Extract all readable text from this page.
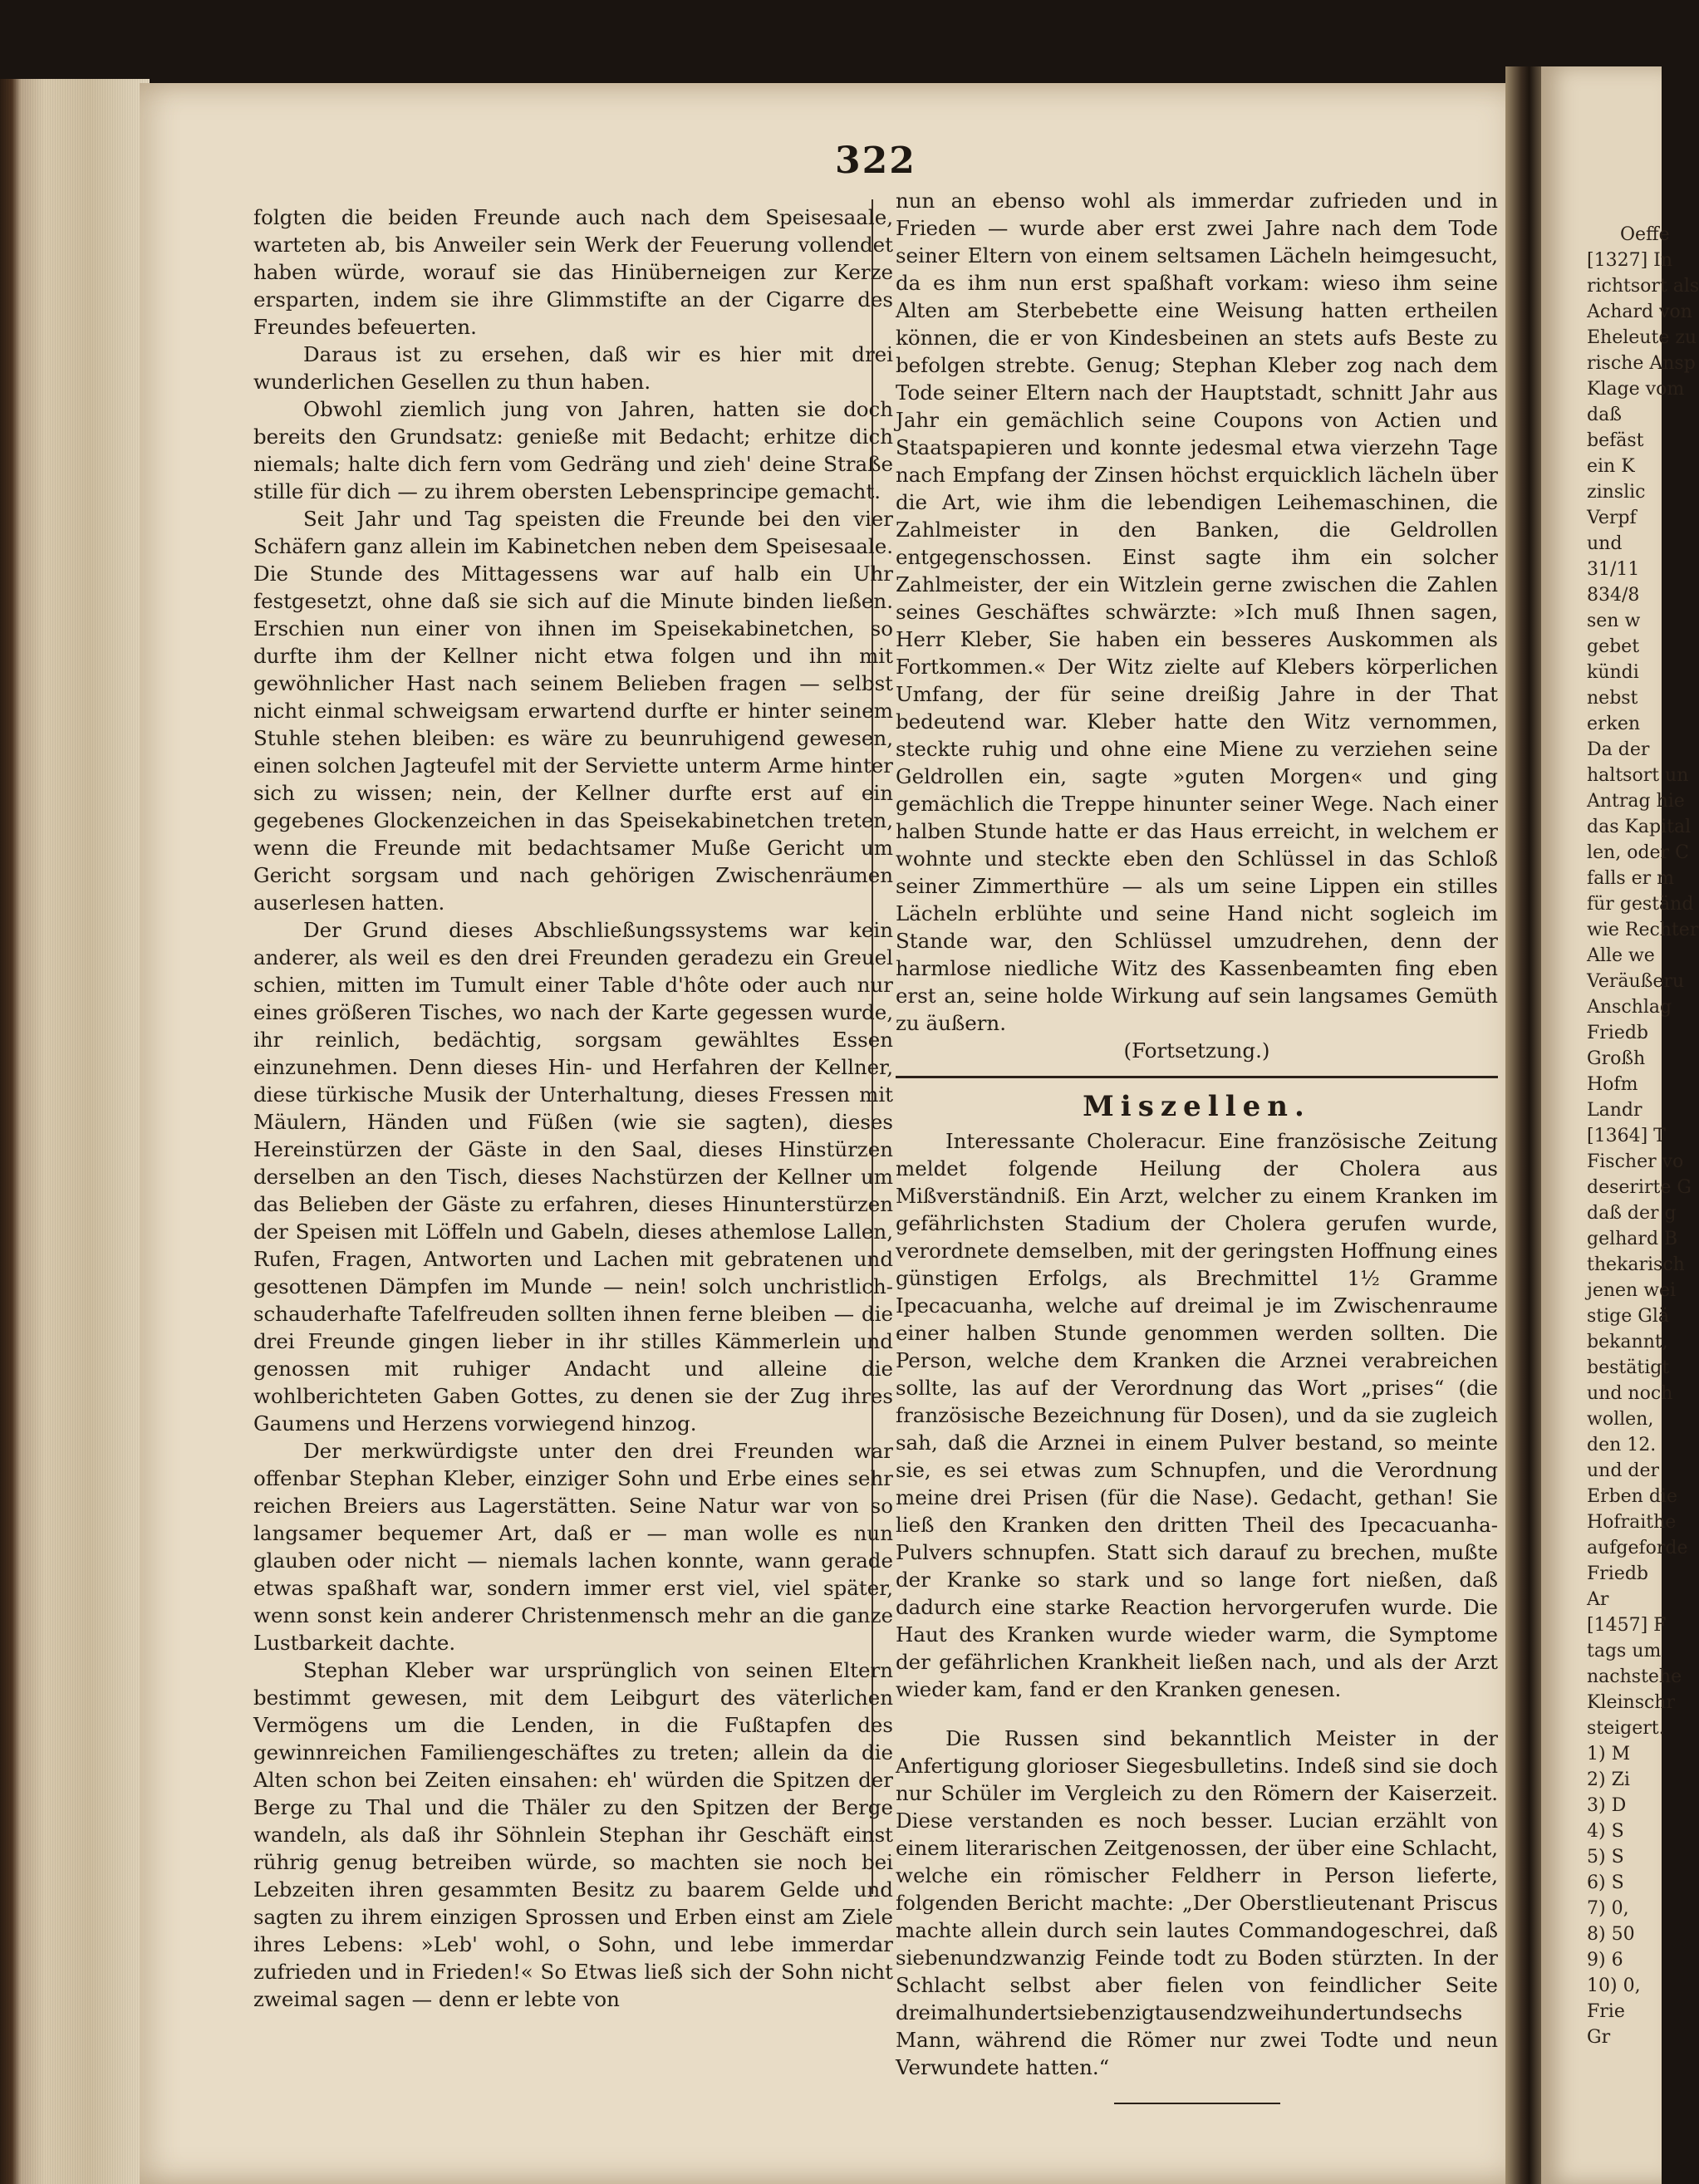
Oeffe
[1327] In
richtsort als
Achard von
Eheleute zu
rische Ansp
Klage vom
daß
befäst
ein K
zinslic
Verpf
und
31/11
834/8
sen w
gebet
kündi
nebst
erken
Da der
haltsort un
Antrag hie
das Kapital
len, oder C
falls er m
für geständ
wie Rechter
Alle we
Veräußeru
Anschlag
Friedb
Großh
Hofm
Landr
[1364] T
Fischer vo
deserirte G
daß der g
gelhard B
thekarisch
jenen wei
stige Glä
bekannt,
bestätigt
und noch
wollen,
den 12.
und der
Erben die
Hofraithe
aufgeforde
Friedb
Ar
[1457] F
tags um
nachstehe
Kleinschr
steigert.
1) M
2) Zi
3) D
4) S
5) S
6) S
7) 0,
8) 50
9) 6
10) 0,
Frie
Gr
322

folgten die beiden Freunde auch nach dem Speisesaale, warteten ab, bis Anweiler sein Werk der Feuerung vollendet haben würde, worauf sie das Hinüberneigen zur Kerze ersparten, indem sie ihre Glimmstifte an der Cigarre des Freundes befeuerten.

Daraus ist zu ersehen, daß wir es hier mit drei wunderlichen Gesellen zu thun haben.

Obwohl ziemlich jung von Jahren, hatten sie doch bereits den Grundsatz: genieße mit Bedacht; erhitze dich niemals; halte dich fern vom Gedräng und zieh' deine Straße stille für dich — zu ihrem obersten Lebensprincipe gemacht.

Seit Jahr und Tag speisten die Freunde bei den vier Schäfern ganz allein im Kabinetchen neben dem Speisesaale. Die Stunde des Mittagessens war auf halb ein Uhr festgesetzt, ohne daß sie sich auf die Minute binden ließen. Erschien nun einer von ihnen im Speisekabinetchen, so durfte ihm der Kellner nicht etwa folgen und ihn mit gewöhnlicher Hast nach seinem Belieben fragen — selbst nicht einmal schweigsam erwartend durfte er hinter seinem Stuhle stehen bleiben: es wäre zu beunruhigend gewesen, einen solchen Jagteufel mit der Serviette unterm Arme hinter sich zu wissen; nein, der Kellner durfte erst auf ein gegebenes Glockenzeichen in das Speisekabinetchen treten, wenn die Freunde mit bedachtsamer Muße Gericht um Gericht sorgsam und nach gehörigen Zwischenräumen auserlesen hatten.

Der Grund dieses Abschließungssystems war kein anderer, als weil es den drei Freunden geradezu ein Greuel schien, mitten im Tumult einer Table d'hôte oder auch nur eines größeren Tisches, wo nach der Karte gegessen wurde, ihr reinlich, bedächtig, sorgsam gewähltes Essen einzunehmen. Denn dieses Hin- und Herfahren der Kellner, diese türkische Musik der Unterhaltung, dieses Fressen mit Mäulern, Händen und Füßen (wie sie sagten), dieses Hereinstürzen der Gäste in den Saal, dieses Hinstürzen derselben an den Tisch, dieses Nachstürzen der Kellner um das Belieben der Gäste zu erfahren, dieses Hinunterstürzen der Speisen mit Löffeln und Gabeln, dieses athemlose Lallen, Rufen, Fragen, Antworten und Lachen mit gebratenen und gesottenen Dämpfen im Munde — nein! solch unchristlich-schauderhafte Tafelfreuden sollten ihnen ferne bleiben — die drei Freunde gingen lieber in ihr stilles Kämmerlein und genossen mit ruhiger Andacht und alleine die wohlberichteten Gaben Gottes, zu denen sie der Zug ihres Gaumens und Herzens vorwiegend hinzog.

Der merkwürdigste unter den drei Freunden war offenbar Stephan Kleber, einziger Sohn und Erbe eines sehr reichen Breiers aus Lagerstätten. Seine Natur war von so langsamer bequemer Art, daß er — man wolle es nun glauben oder nicht — niemals lachen konnte, wann gerade etwas spaßhaft war, sondern immer erst viel, viel später, wenn sonst kein anderer Christenmensch mehr an die ganze Lustbarkeit dachte.

Stephan Kleber war ursprünglich von seinen Eltern bestimmt gewesen, mit dem Leibgurt des väterlichen Vermögens um die Lenden, in die Fußtapfen des gewinnreichen Familiengeschäftes zu treten; allein da die Alten schon bei Zeiten einsahen: eh' würden die Spitzen der Berge zu Thal und die Thäler zu den Spitzen der Berge wandeln, als daß ihr Söhnlein Stephan ihr Geschäft einst rührig genug betreiben würde, so machten sie noch bei Lebzeiten ihren gesammten Besitz zu baarem Gelde und sagten zu ihrem einzigen Sprossen und Erben einst am Ziele ihres Lebens: »Leb' wohl, o Sohn, und lebe immerdar zufrieden und in Frieden!« So Etwas ließ sich der Sohn nicht zweimal sagen — denn er lebte von

nun an ebenso wohl als immerdar zufrieden und in Frieden — wurde aber erst zwei Jahre nach dem Tode seiner Eltern von einem seltsamen Lächeln heimgesucht, da es ihm nun erst spaßhaft vorkam: wieso ihm seine Alten am Sterbebette eine Weisung hatten ertheilen können, die er von Kindesbeinen an stets aufs Beste zu befolgen strebte. Genug; Stephan Kleber zog nach dem Tode seiner Eltern nach der Hauptstadt, schnitt Jahr aus Jahr ein gemächlich seine Coupons von Actien und Staatspapieren und konnte jedesmal etwa vierzehn Tage nach Empfang der Zinsen höchst erquicklich lächeln über die Art, wie ihm die lebendigen Leihemaschinen, die Zahlmeister in den Banken, die Geldrollen entgegenschossen. Einst sagte ihm ein solcher Zahlmeister, der ein Witzlein gerne zwischen die Zahlen seines Geschäftes schwärzte: »Ich muß Ihnen sagen, Herr Kleber, Sie haben ein besseres Auskommen als Fortkommen.« Der Witz zielte auf Klebers körperlichen Umfang, der für seine dreißig Jahre in der That bedeutend war. Kleber hatte den Witz vernommen, steckte ruhig und ohne eine Miene zu verziehen seine Geldrollen ein, sagte »guten Morgen« und ging gemächlich die Treppe hinunter seiner Wege. Nach einer halben Stunde hatte er das Haus erreicht, in welchem er wohnte und steckte eben den Schlüssel in das Schloß seiner Zimmerthüre — als um seine Lippen ein stilles Lächeln erblühte und seine Hand nicht sogleich im Stande war, den Schlüssel umzudrehen, denn der harmlose niedliche Witz des Kassenbeamten fing eben erst an, seine holde Wirkung auf sein langsames Gemüth zu äußern.

(Fortsetzung.)

Miszellen.

Interessante Choleracur. Eine französische Zeitung meldet folgende Heilung der Cholera aus Mißverständniß. Ein Arzt, welcher zu einem Kranken im gefährlichsten Stadium der Cholera gerufen wurde, verordnete demselben, mit der geringsten Hoffnung eines günstigen Erfolgs, als Brechmittel 1½ Gramme Ipecacuanha, welche auf dreimal je im Zwischenraume einer halben Stunde genommen werden sollten. Die Person, welche dem Kranken die Arznei verabreichen sollte, las auf der Verordnung das Wort „prises“ (die französische Bezeichnung für Dosen), und da sie zugleich sah, daß die Arznei in einem Pulver bestand, so meinte sie, es sei etwas zum Schnupfen, und die Verordnung meine drei Prisen (für die Nase). Gedacht, gethan! Sie ließ den Kranken den dritten Theil des Ipecacuanha-Pulvers schnupfen. Statt sich darauf zu brechen, mußte der Kranke so stark und so lange fort nießen, daß dadurch eine starke Reaction hervorgerufen wurde. Die Haut des Kranken wurde wieder warm, die Symptome der gefährlichen Krankheit ließen nach, und als der Arzt wieder kam, fand er den Kranken genesen.

Die Russen sind bekanntlich Meister in der Anfertigung glorioser Siegesbulletins. Indeß sind sie doch nur Schüler im Vergleich zu den Römern der Kaiserzeit. Diese verstanden es noch besser. Lucian erzählt von einem literarischen Zeitgenossen, der über eine Schlacht, welche ein römischer Feldherr in Person lieferte, folgenden Bericht machte: „Der Oberstlieutenant Priscus machte allein durch sein lautes Commandogeschrei, daß siebenundzwanzig Feinde todt zu Boden stürzten. In der Schlacht selbst aber fielen von feindlicher Seite dreimalhundertsiebenzigtausendzweihundertundsechs Mann, während die Römer nur zwei Todte und neun Verwundete hatten.“
